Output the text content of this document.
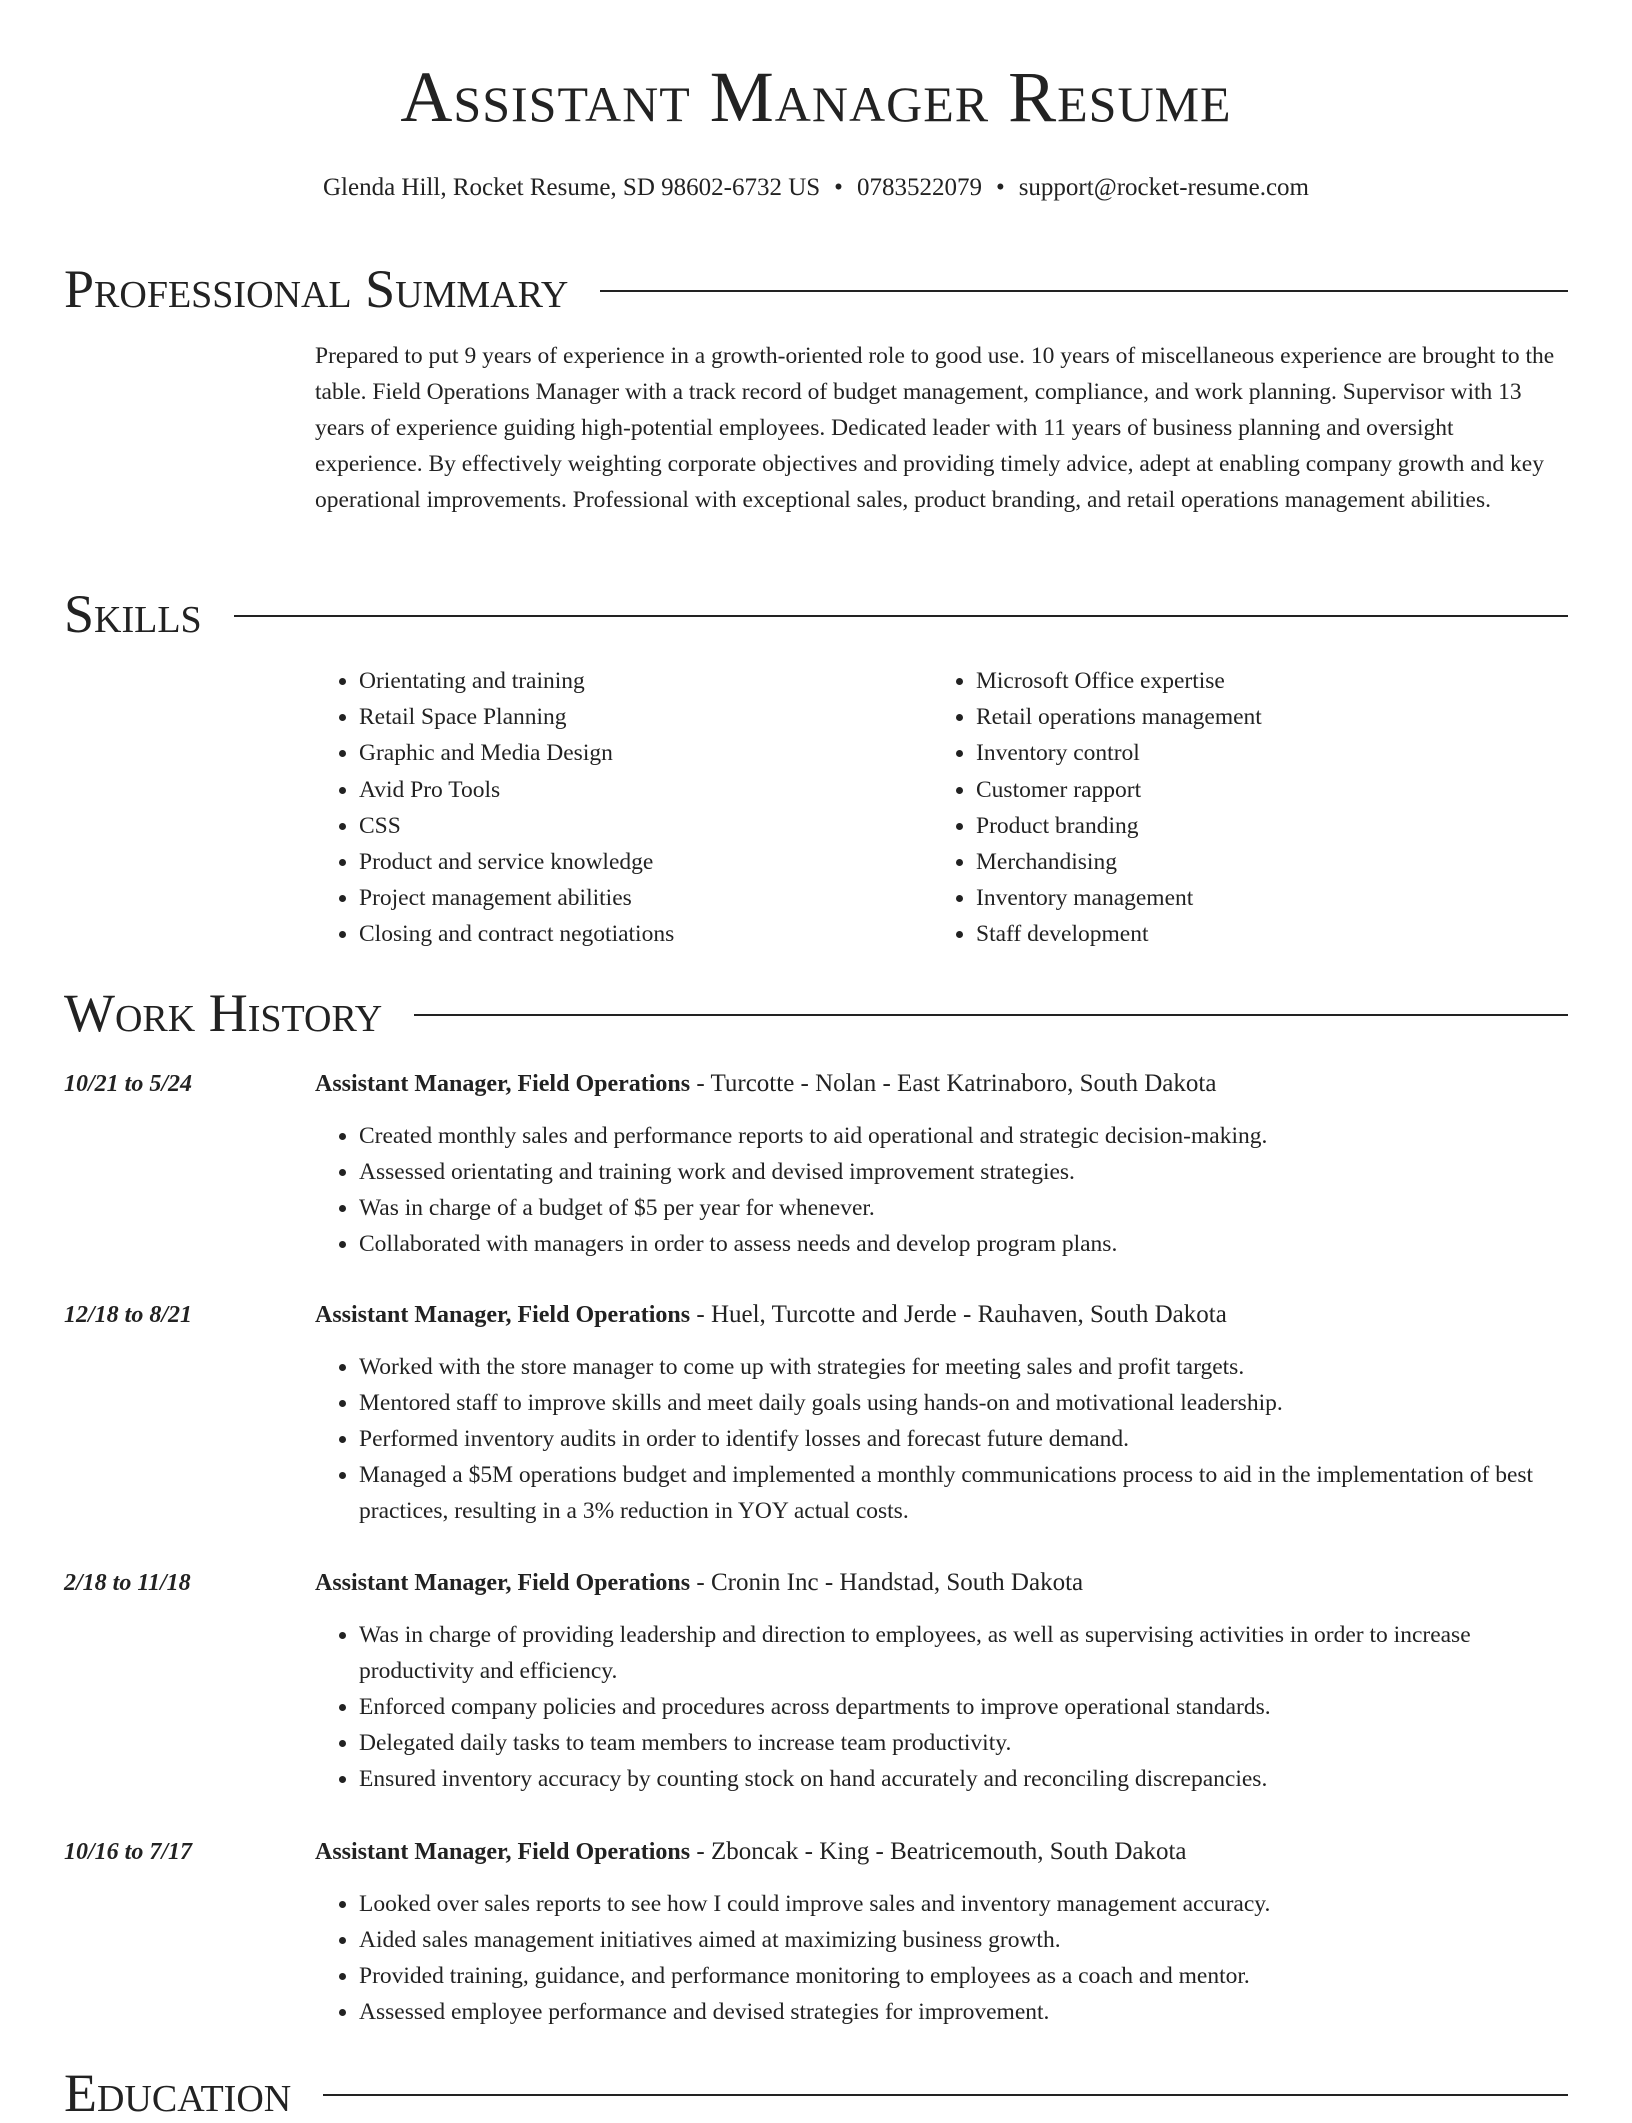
Assistant Manager Resume
Glenda Hill, Rocket Resume, SD 98602-6732 US • 0783522079 • support@rocket-resume.com
Professional Summary

Prepared to put 9 years of experience in a growth-oriented role to good use. 10 years of miscellaneous experience are brought to the table. Field Operations Manager with a track record of budget management, compliance, and work planning. Supervisor with 13 years of experience guiding high-potential employees. Dedicated leader with 11 years of business planning and oversight experience. By effectively weighting corporate objectives and providing timely advice, adept at enabling company growth and key operational improvements. Professional with exceptional sales, product branding, and retail operations management abilities.

Skills
• Orientating and training
• Retail Space Planning
• Graphic and Media Design
• Avid Pro Tools
• CSS
• Product and service knowledge
• Project management abilities
• Closing and contract negotiations
• Microsoft Office expertise
• Retail operations management
• Inventory control
• Customer rapport
• Product branding
• Merchandising
• Inventory management
• Staff development
Work History
10/21 to 5/24	Assistant Manager, Field Operations - Turcotte - Nolan - East Katrinaboro, South Dakota
• Created monthly sales and performance reports to aid operational and strategic decision-making.
• Assessed orientating and training work and devised improvement strategies.
• Was in charge of a budget of $5 per year for whenever.
• Collaborated with managers in order to assess needs and develop program plans.
12/18 to 8/21	Assistant Manager, Field Operations - Huel, Turcotte and Jerde - Rauhaven, South Dakota
• Worked with the store manager to come up with strategies for meeting sales and profit targets.
• Mentored staff to improve skills and meet daily goals using hands-on and motivational leadership.
• Performed inventory audits in order to identify losses and forecast future demand.
• Managed a $5M operations budget and implemented a monthly communications process to aid in the implementation of best practices, resulting in a 3% reduction in YOY actual costs.
2/18 to 11/18	Assistant Manager, Field Operations - Cronin Inc - Handstad, South Dakota
• Was in charge of providing leadership and direction to employees, as well as supervising activities in order to increase productivity and efficiency.
• Enforced company policies and procedures across departments to improve operational standards.
• Delegated daily tasks to team members to increase team productivity.
• Ensured inventory accuracy by counting stock on hand accurately and reconciling discrepancies.
10/16 to 7/17	Assistant Manager, Field Operations - Zboncak - King - Beatricemouth, South Dakota
• Looked over sales reports to see how I could improve sales and inventory management accuracy.
• Aided sales management initiatives aimed at maximizing business growth.
• Provided training, guidance, and performance monitoring to employees as a coach and mentor.
• Assessed employee performance and devised strategies for improvement.
Education
